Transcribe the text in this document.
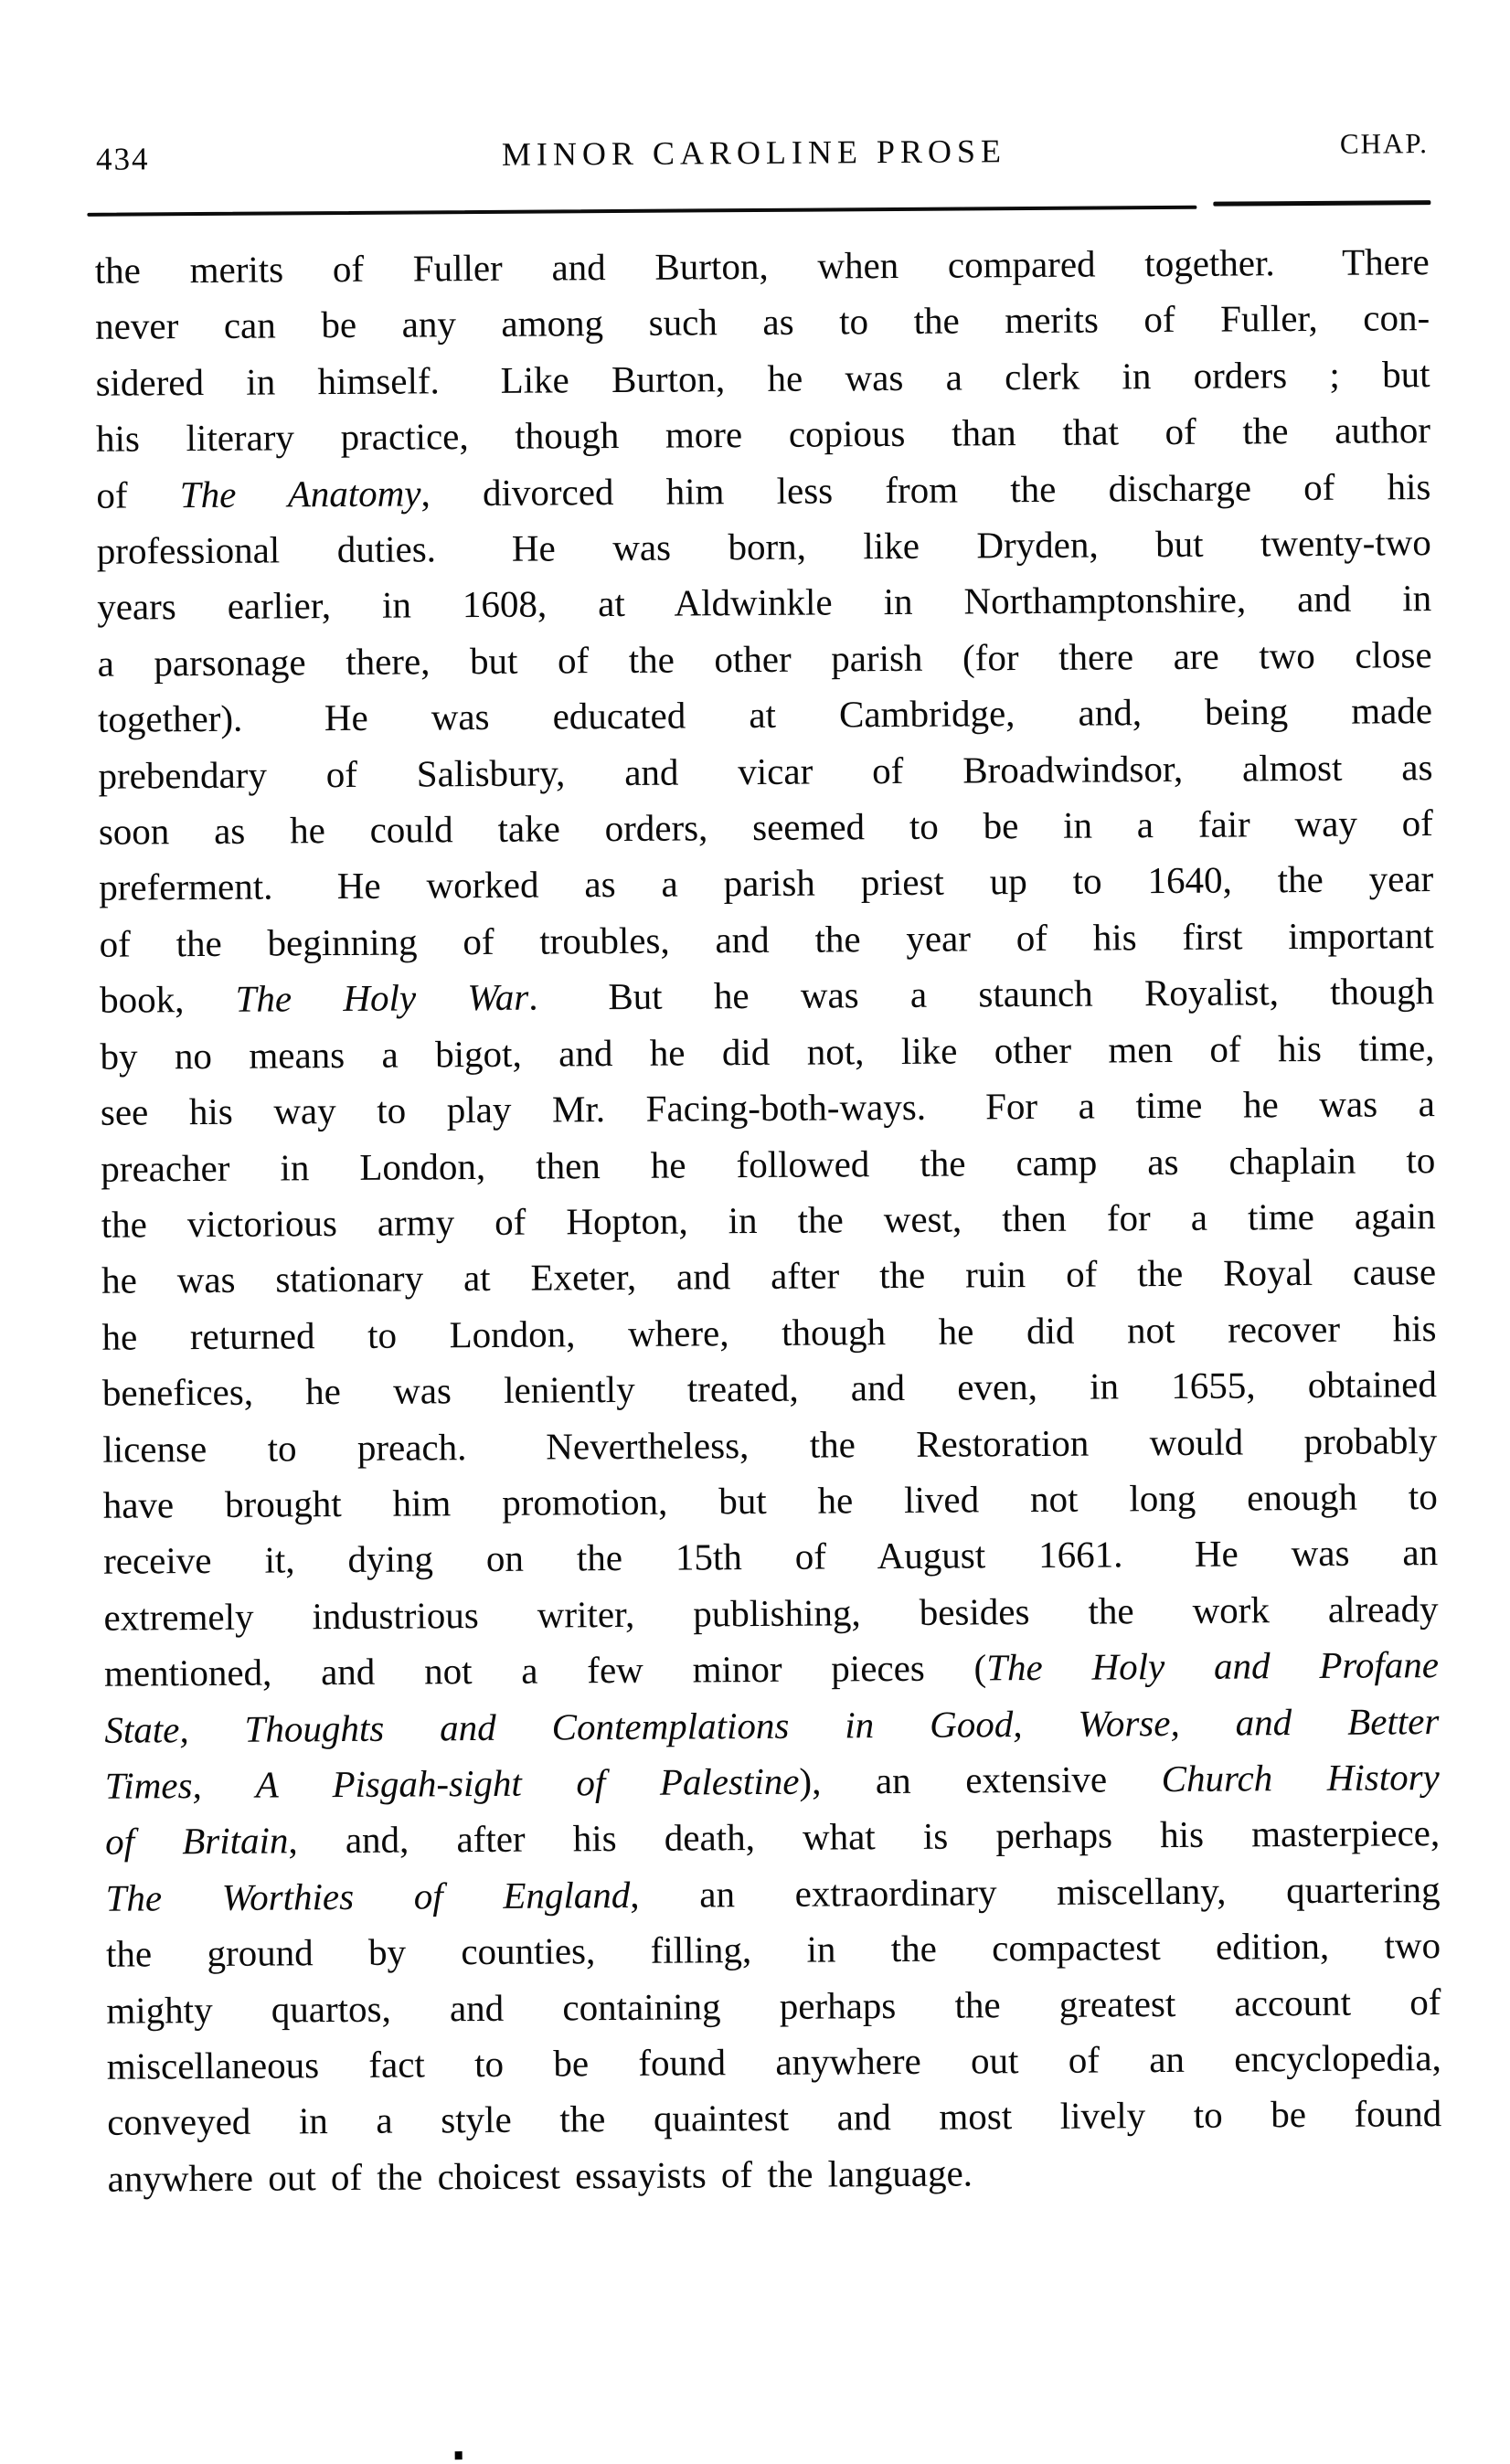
434	MINOR CAROLINE PROSE	CHAP.
the merits of Fuller and Burton, when compared together.  There
never can be any among such as to the merits of Fuller, con-
sidered in himself.  Like Burton, he was a clerk in orders ; but
his literary practice, though more copious than that of the author
of The Anatomy, divorced him less from the discharge of his
professional duties.  He was born, like Dryden, but twenty-two
years earlier, in 1608, at Aldwinkle in Northamptonshire, and in
a parsonage there, but of the other parish (for there are two close
together).  He was educated at Cambridge, and, being made
prebendary of Salisbury, and vicar of Broadwindsor, almost as
soon as he could take orders, seemed to be in a fair way of
preferment.  He worked as a parish priest up to 1640, the year
of the beginning of troubles, and the year of his first important
book, The Holy War.  But he was a staunch Royalist, though
by no means a bigot, and he did not, like other men of his time,
see his way to play Mr. Facing-both-ways.  For a time he was a
preacher in London, then he followed the camp as chaplain to
the victorious army of Hopton, in the west, then for a time again
he was stationary at Exeter, and after the ruin of the Royal cause
he returned to London, where, though he did not recover his
benefices, he was leniently treated, and even, in 1655, obtained
license to preach.  Nevertheless, the Restoration would probably
have brought him promotion, but he lived not long enough to
receive it, dying on the 15th of August 1661.  He was an
extremely industrious writer, publishing, besides the work already
mentioned, and not a few minor pieces (The Holy and Profane
State, Thoughts and Contemplations in Good, Worse, and Better
Times, A Pisgah-sight of Palestine), an extensive Church History
of Britain, and, after his death, what is perhaps his masterpiece,
The Worthies of England, an extraordinary miscellany, quartering
the ground by counties, filling, in the compactest edition, two
mighty quartos, and containing perhaps the greatest account of
miscellaneous fact to be found anywhere out of an encyclopedia,
conveyed in a style the quaintest and most lively to be found
anywhere out of the choicest essayists of the language.
